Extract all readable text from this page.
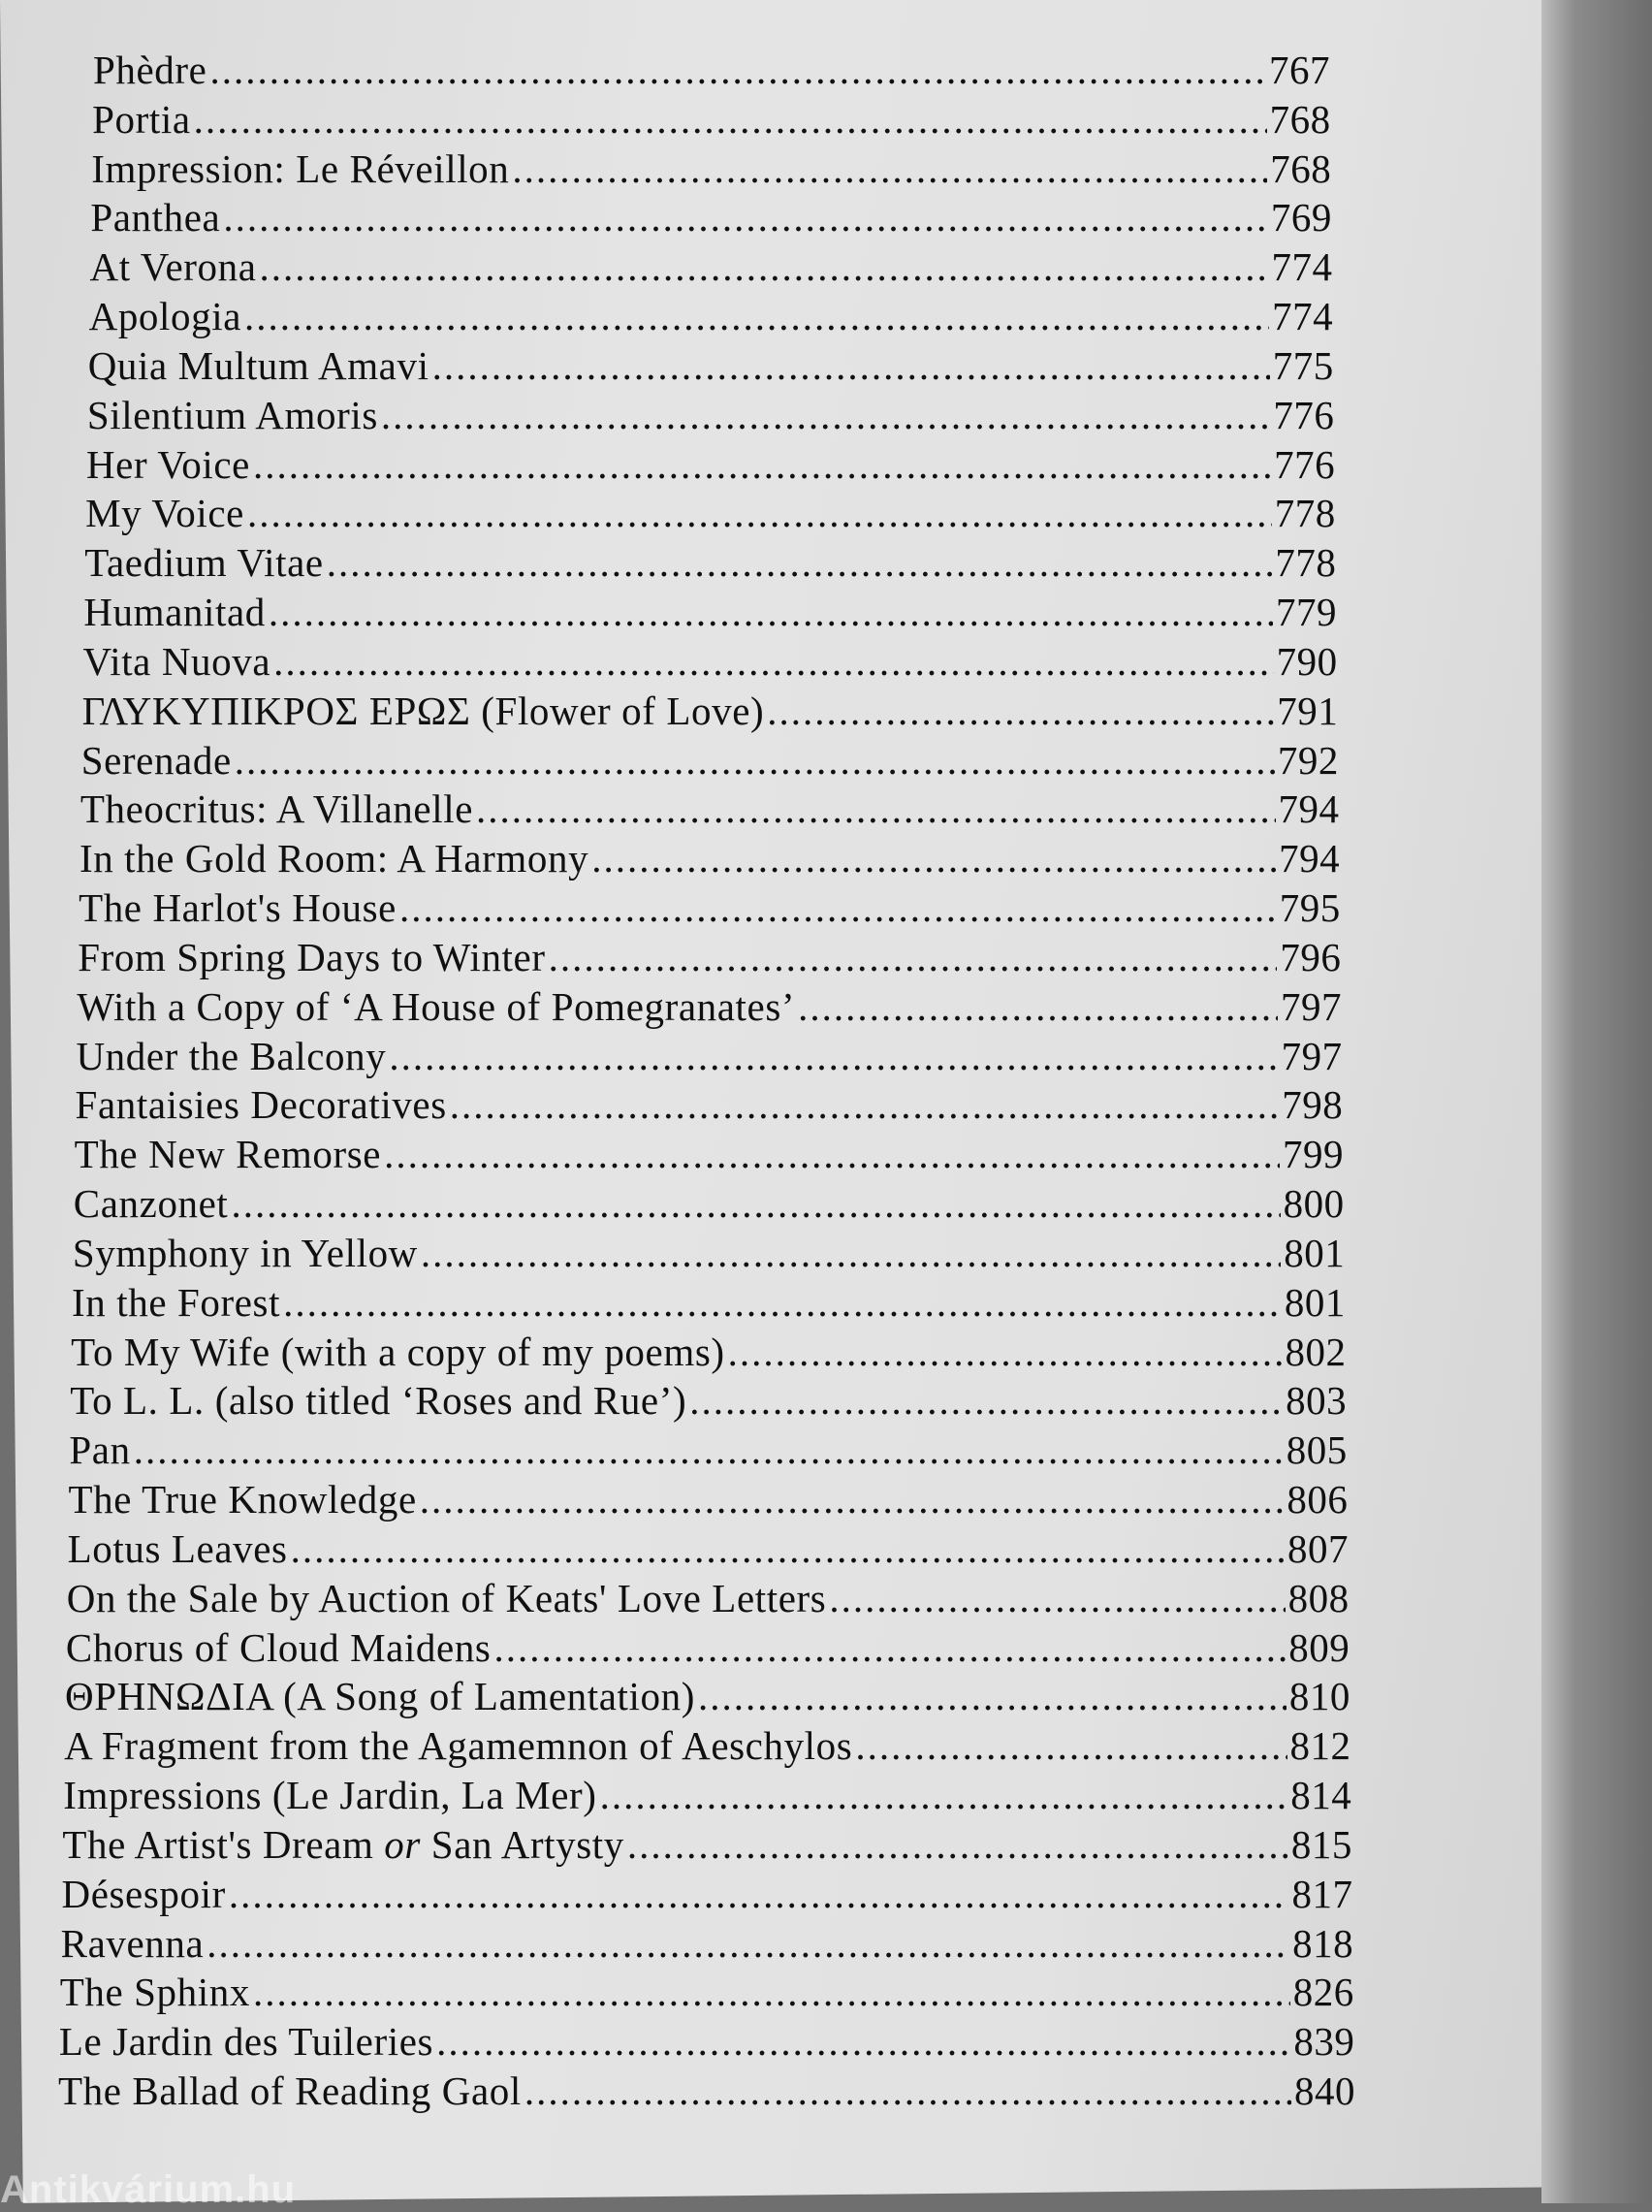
Phèdre .....	767
Portia .....	768
Impression: Le Réveillon .....	768
Panthea .....	769
At Verona .....	774
Apologia .....	774
Quia Multum Amavi .....	775
Silentium Amoris .....	776
Her Voice .....	776
My Voice .....	778
Taedium Vitae .....	778
Humanitad .....	779
Vita Nuova .....	790
ΓΛΥΚΥΠΙΚΡΟΣ ΕΡΩΣ (Flower of Love) .....	791
Serenade .....	792
Theocritus: A Villanelle .....	794
In the Gold Room: A Harmony .....	794
The Harlot's House .....	795
From Spring Days to Winter .....	796
With a Copy of ‘A House of Pomegranates’ .....	797
Under the Balcony .....	797
Fantaisies Decoratives .....	798
The New Remorse .....	799
Canzonet .....	800
Symphony in Yellow .....	801
In the Forest .....	801
To My Wife (with a copy of my poems) .....	802
To L. L. (also titled ‘Roses and Rue’) .....	803
Pan .....	805
The True Knowledge .....	806
Lotus Leaves .....	807
On the Sale by Auction of Keats' Love Letters .....	808
Chorus of Cloud Maidens .....	809
ΘΡΗΝΩΔΙΑ (A Song of Lamentation) .....	810
A Fragment from the Agamemnon of Aeschylos .....	812
Impressions (Le Jardin, La Mer) .....	814
The Artist's Dream or San Artysty .....	815
Désespoir .....	817
Ravenna .....	818
The Sphinx .....	826
Le Jardin des Tuileries .....	839
The Ballad of Reading Gaol .....	840
Antikvárium.hu
